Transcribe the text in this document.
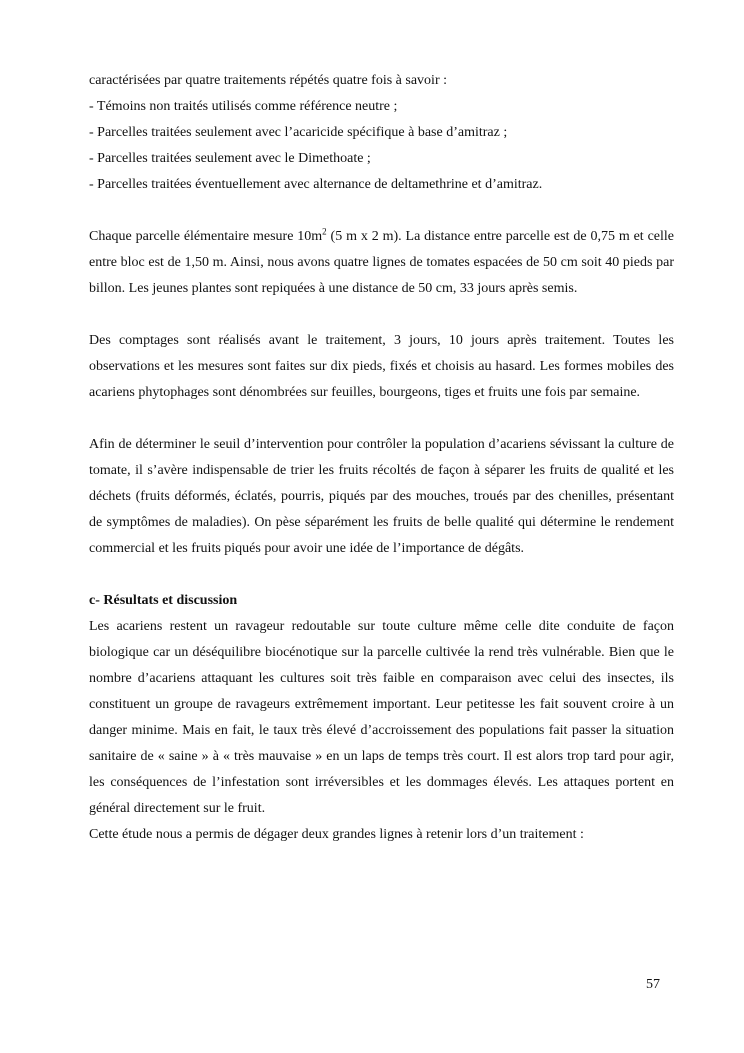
caractérisées par quatre traitements répétés quatre fois à savoir :
- Témoins non traités utilisés comme référence neutre ;
- Parcelles traitées seulement avec l’acaricide spécifique à base d’amitraz ;
- Parcelles traitées seulement avec le Dimethoate ;
- Parcelles traitées éventuellement avec alternance de deltamethrine et d’amitraz.

Chaque parcelle élémentaire mesure $10m^2$ (5 m x 2 m). La distance entre parcelle est de 0,75 m et celle entre bloc est de 1,50 m. Ainsi, nous avons quatre lignes de tomates espacées de 50 cm soit 40 pieds par billon. Les jeunes plantes sont repiquées à une distance de 50 cm, 33 jours après semis.

Des comptages sont réalisés avant le traitement, 3 jours, 10 jours après traitement. Toutes les observations et les mesures sont faites sur dix pieds, fixés et choisis au hasard. Les formes mobiles des acariens phytophages sont dénombrées sur feuilles, bourgeons, tiges et fruits une fois par semaine.

Afin de déterminer le seuil d’intervention pour contrôler la population d’acariens sévissant la culture de tomate, il s’avère indispensable de trier les fruits récoltés de façon à séparer les fruits de qualité et les déchets (fruits déformés, éclatés, pourris, piqués par des mouches, troués par des chenilles, présentant de symptômes de maladies). On pèse séparément les fruits de belle qualité qui détermine le rendement commercial et les fruits piqués pour avoir une idée de l’importance de dégâts.

c- Résultats et discussion

Les acariens restent un ravageur redoutable sur toute culture même celle dite conduite de façon biologique car un déséquilibre biocénotique sur la parcelle cultivée la rend très vulnérable. Bien que le nombre d’acariens attaquant les cultures soit très faible en comparaison avec celui des insectes, ils constituent un groupe de ravageurs extrêmement important. Leur petitesse les fait souvent croire à un danger minime. Mais en fait, le taux très élevé d’accroissement des populations fait passer la situation sanitaire de « saine » à « très mauvaise » en un laps de temps très court. Il est alors trop tard pour agir, les conséquences de l’infestation sont irréversibles et les dommages élevés. Les attaques portent en général directement sur le fruit.

Cette étude nous a permis de dégager deux grandes lignes à retenir lors d’un traitement :

57
